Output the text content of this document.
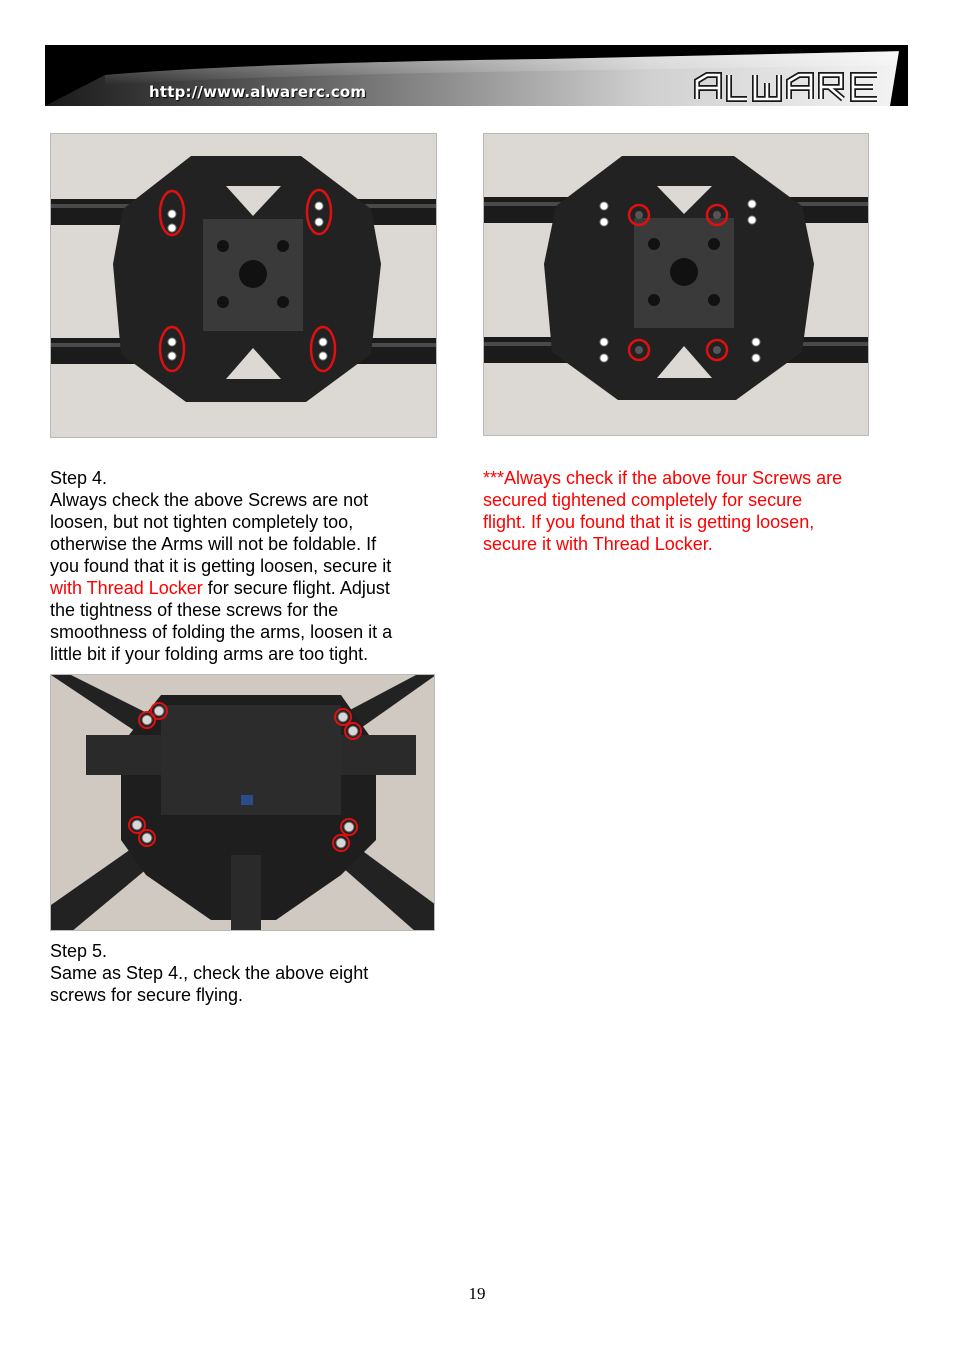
http://www.alwarerc.com
Step 4.
Always check the above Screws are not
loosen, but not tighten completely too,
otherwise the Arms will not be foldable. If
you found that it is getting loosen, secure it
with Thread Locker for secure flight. Adjust
the tightness of these screws for the
smoothness of folding the arms, loosen it a
little bit if your folding arms are too tight.
***Always check if the above four Screws are
secured tightened completely for secure
flight. If you found that it is getting loosen,
secure it with Thread Locker.
Step 5.
Same as Step 4., check the above eight
screws for secure flying.
19
